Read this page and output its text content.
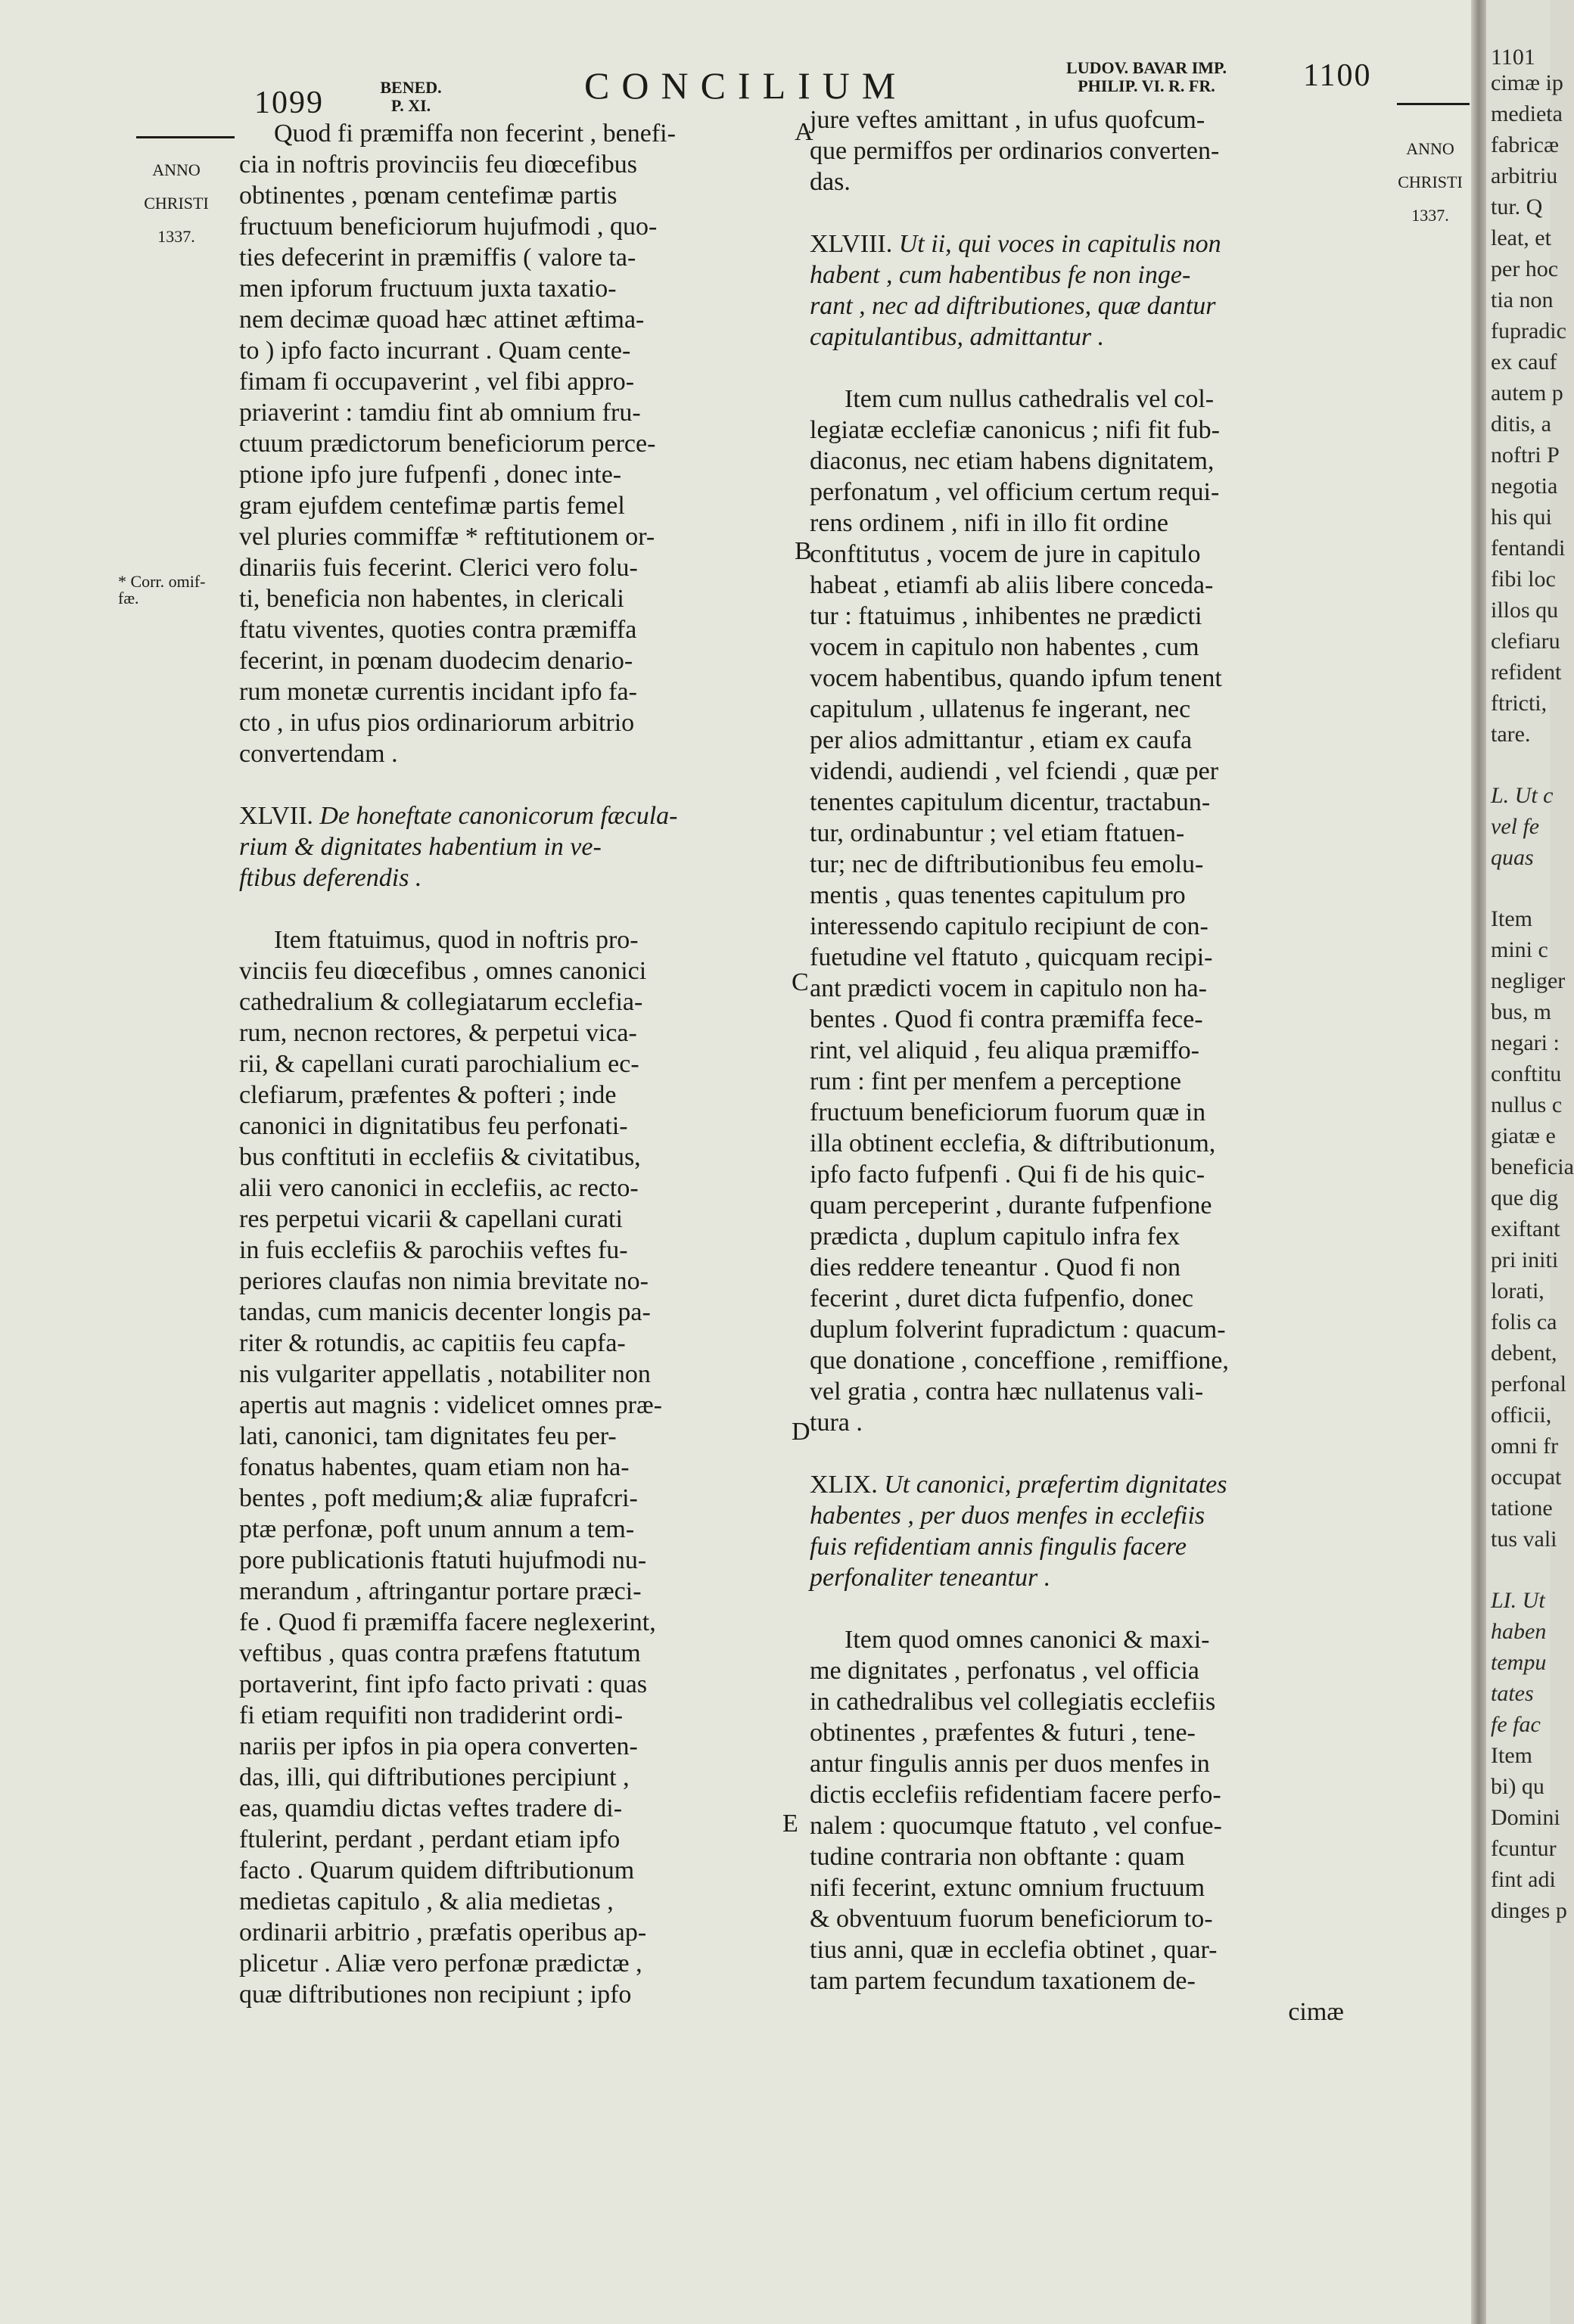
1099	BENED.
P. XI.	CONCILIUM	LUDOV. BAVAR IMP.
PHILIP. VI. R. FR.	1100

ANNO

CHRISTI

1337.

* Corr. omif-
fæ.

ANNO

CHRISTI

1337.

A
B
C
D
E

Quod fi præmiffa non fecerint , benefi-
cia in noftris provinciis feu diœcefibus
obtinentes , pœnam centefimæ partis
fructuum beneficiorum hujufmodi , quo-
ties defecerint in præmiffis ( valore ta-
men ipforum fructuum juxta taxatio-
nem decimæ quoad hæc attinet æftima-
to ) ipfo facto incurrant . Quam cente-
fimam fi occupaverint , vel fibi appro-
priaverint : tamdiu fint ab omnium fru-
ctuum prædictorum beneficiorum perce-
ptione ipfo jure fufpenfi , donec inte-
gram ejufdem centefimæ partis femel
vel pluries commiffæ * reftitutionem or-
dinariis fuis fecerint. Clerici vero folu-
ti, beneficia non habentes, in clericali
ftatu viventes, quoties contra præmiffa
fecerint, in pœnam duodecim denario-
rum monetæ currentis incidant ipfo fa-
cto , in ufus pios ordinariorum arbitrio
convertendam .

XLVII. De honeftate canonicorum fæcula-
rium & dignitates habentium in ve-
ftibus deferendis .

Item ftatuimus, quod in noftris pro-
vinciis feu diœcefibus , omnes canonici
cathedralium & collegiatarum ecclefia-
rum, necnon rectores, & perpetui vica-
rii, & capellani curati parochialium ec-
clefiarum, præfentes & pofteri ; inde
canonici in dignitatibus feu perfonati-
bus conftituti in ecclefiis & civitatibus,
alii vero canonici in ecclefiis, ac recto-
res perpetui vicarii & capellani curati
in fuis ecclefiis & parochiis veftes fu-
periores claufas non nimia brevitate no-
tandas, cum manicis decenter longis pa-
riter & rotundis, ac capitiis feu capfa-
nis vulgariter appellatis , notabiliter non
apertis aut magnis : videlicet omnes præ-
lati, canonici, tam dignitates feu per-
fonatus habentes, quam etiam non ha-
bentes , poft medium;& aliæ fuprafcri-
ptæ perfonæ, poft unum annum a tem-
pore publicationis ftatuti hujufmodi nu-
merandum , aftringantur portare præci-
fe . Quod fi præmiffa facere neglexerint,
veftibus , quas contra præfens ftatutum
portaverint, fint ipfo facto privati : quas
fi etiam requifiti non tradiderint ordi-
nariis per ipfos in pia opera converten-
das, illi, qui diftributiones percipiunt ,
eas, quamdiu dictas veftes tradere di-
ftulerint, perdant , perdant etiam ipfo
facto . Quarum quidem diftributionum
medietas capitulo , & alia medietas ,
ordinarii arbitrio , præfatis operibus ap-
plicetur . Aliæ vero perfonæ prædictæ ,
quæ diftributiones non recipiunt ; ipfo

jure veftes amittant , in ufus quofcum-
que permiffos per ordinarios converten-
das.

XLVIII. Ut ii, qui voces in capitulis non
habent , cum habentibus fe non inge-
rant , nec ad diftributiones, quæ dantur
capitulantibus, admittantur .

Item cum nullus cathedralis vel col-
legiatæ ecclefiæ canonicus ; nifi fit fub-
diaconus, nec etiam habens dignitatem,
perfonatum , vel officium certum requi-
rens ordinem , nifi in illo fit ordine
conftitutus , vocem de jure in capitulo
habeat , etiamfi ab aliis libere conceda-
tur : ftatuimus , inhibentes ne prædicti
vocem in capitulo non habentes , cum
vocem habentibus, quando ipfum tenent
capitulum , ullatenus fe ingerant, nec
per alios admittantur , etiam ex caufa
videndi, audiendi , vel fciendi , quæ per
tenentes capitulum dicentur, tractabun-
tur, ordinabuntur ; vel etiam ftatuen-
tur; nec de diftributionibus feu emolu-
mentis , quas tenentes capitulum pro
interessendo capitulo recipiunt de con-
fuetudine vel ftatuto , quicquam recipi-
ant prædicti vocem in capitulo non ha-
bentes . Quod fi contra præmiffa fece-
rint, vel aliquid , feu aliqua præmiffo-
rum : fint per menfem a perceptione
fructuum beneficiorum fuorum quæ in
illa obtinent ecclefia, & diftributionum,
ipfo facto fufpenfi . Qui fi de his quic-
quam perceperint , durante fufpenfione
prædicta , duplum capitulo infra fex
dies reddere teneantur . Quod fi non
fecerint , duret dicta fufpenfio, donec
duplum folverint fupradictum : quacum-
que donatione , conceffione , remiffione,
vel gratia , contra hæc nullatenus vali-
tura .

XLIX. Ut canonici, præfertim dignitates
habentes , per duos menfes in ecclefiis
fuis refidentiam annis fingulis facere
perfonaliter teneantur .

Item quod omnes canonici & maxi-
me dignitates , perfonatus , vel officia
in cathedralibus vel collegiatis ecclefiis
obtinentes , præfentes & futuri , tene-
antur fingulis annis per duos menfes in
dictis ecclefiis refidentiam facere perfo-
nalem : quocumque ftatuto , vel confue-
tudine contraria non obftante : quam
nifi fecerint, extunc omnium fructuum
& obventuum fuorum beneficiorum to-
tius anni, quæ in ecclefia obtinet , quar-
tam partem fecundum taxationem de-

cimæ
1101
cimæ ip
medieta
fabricæ
arbitriu
tur. Q
leat, et
per hoc
tia non
fupradic
ex cauf
autem p
ditis, a
noftri P
negotia
his qui
fentandi
fibi loc
illos qu
clefiaru
refident
ftricti,
tare.
L. Ut c
vel fe
quas
Item
mini c
negliger
bus, m
negari :
conftitu
nullus c
giatæ e
beneficia
que dig
exiftant
pri initi
lorati,
folis ca
debent,
perfonal
officii,
omni fr
occupat
tatione
tus vali
LI. Ut
haben
tempu
tates
fe fac
Item
bi) qu
Domini
fcuntur
fint adi
dinges p
